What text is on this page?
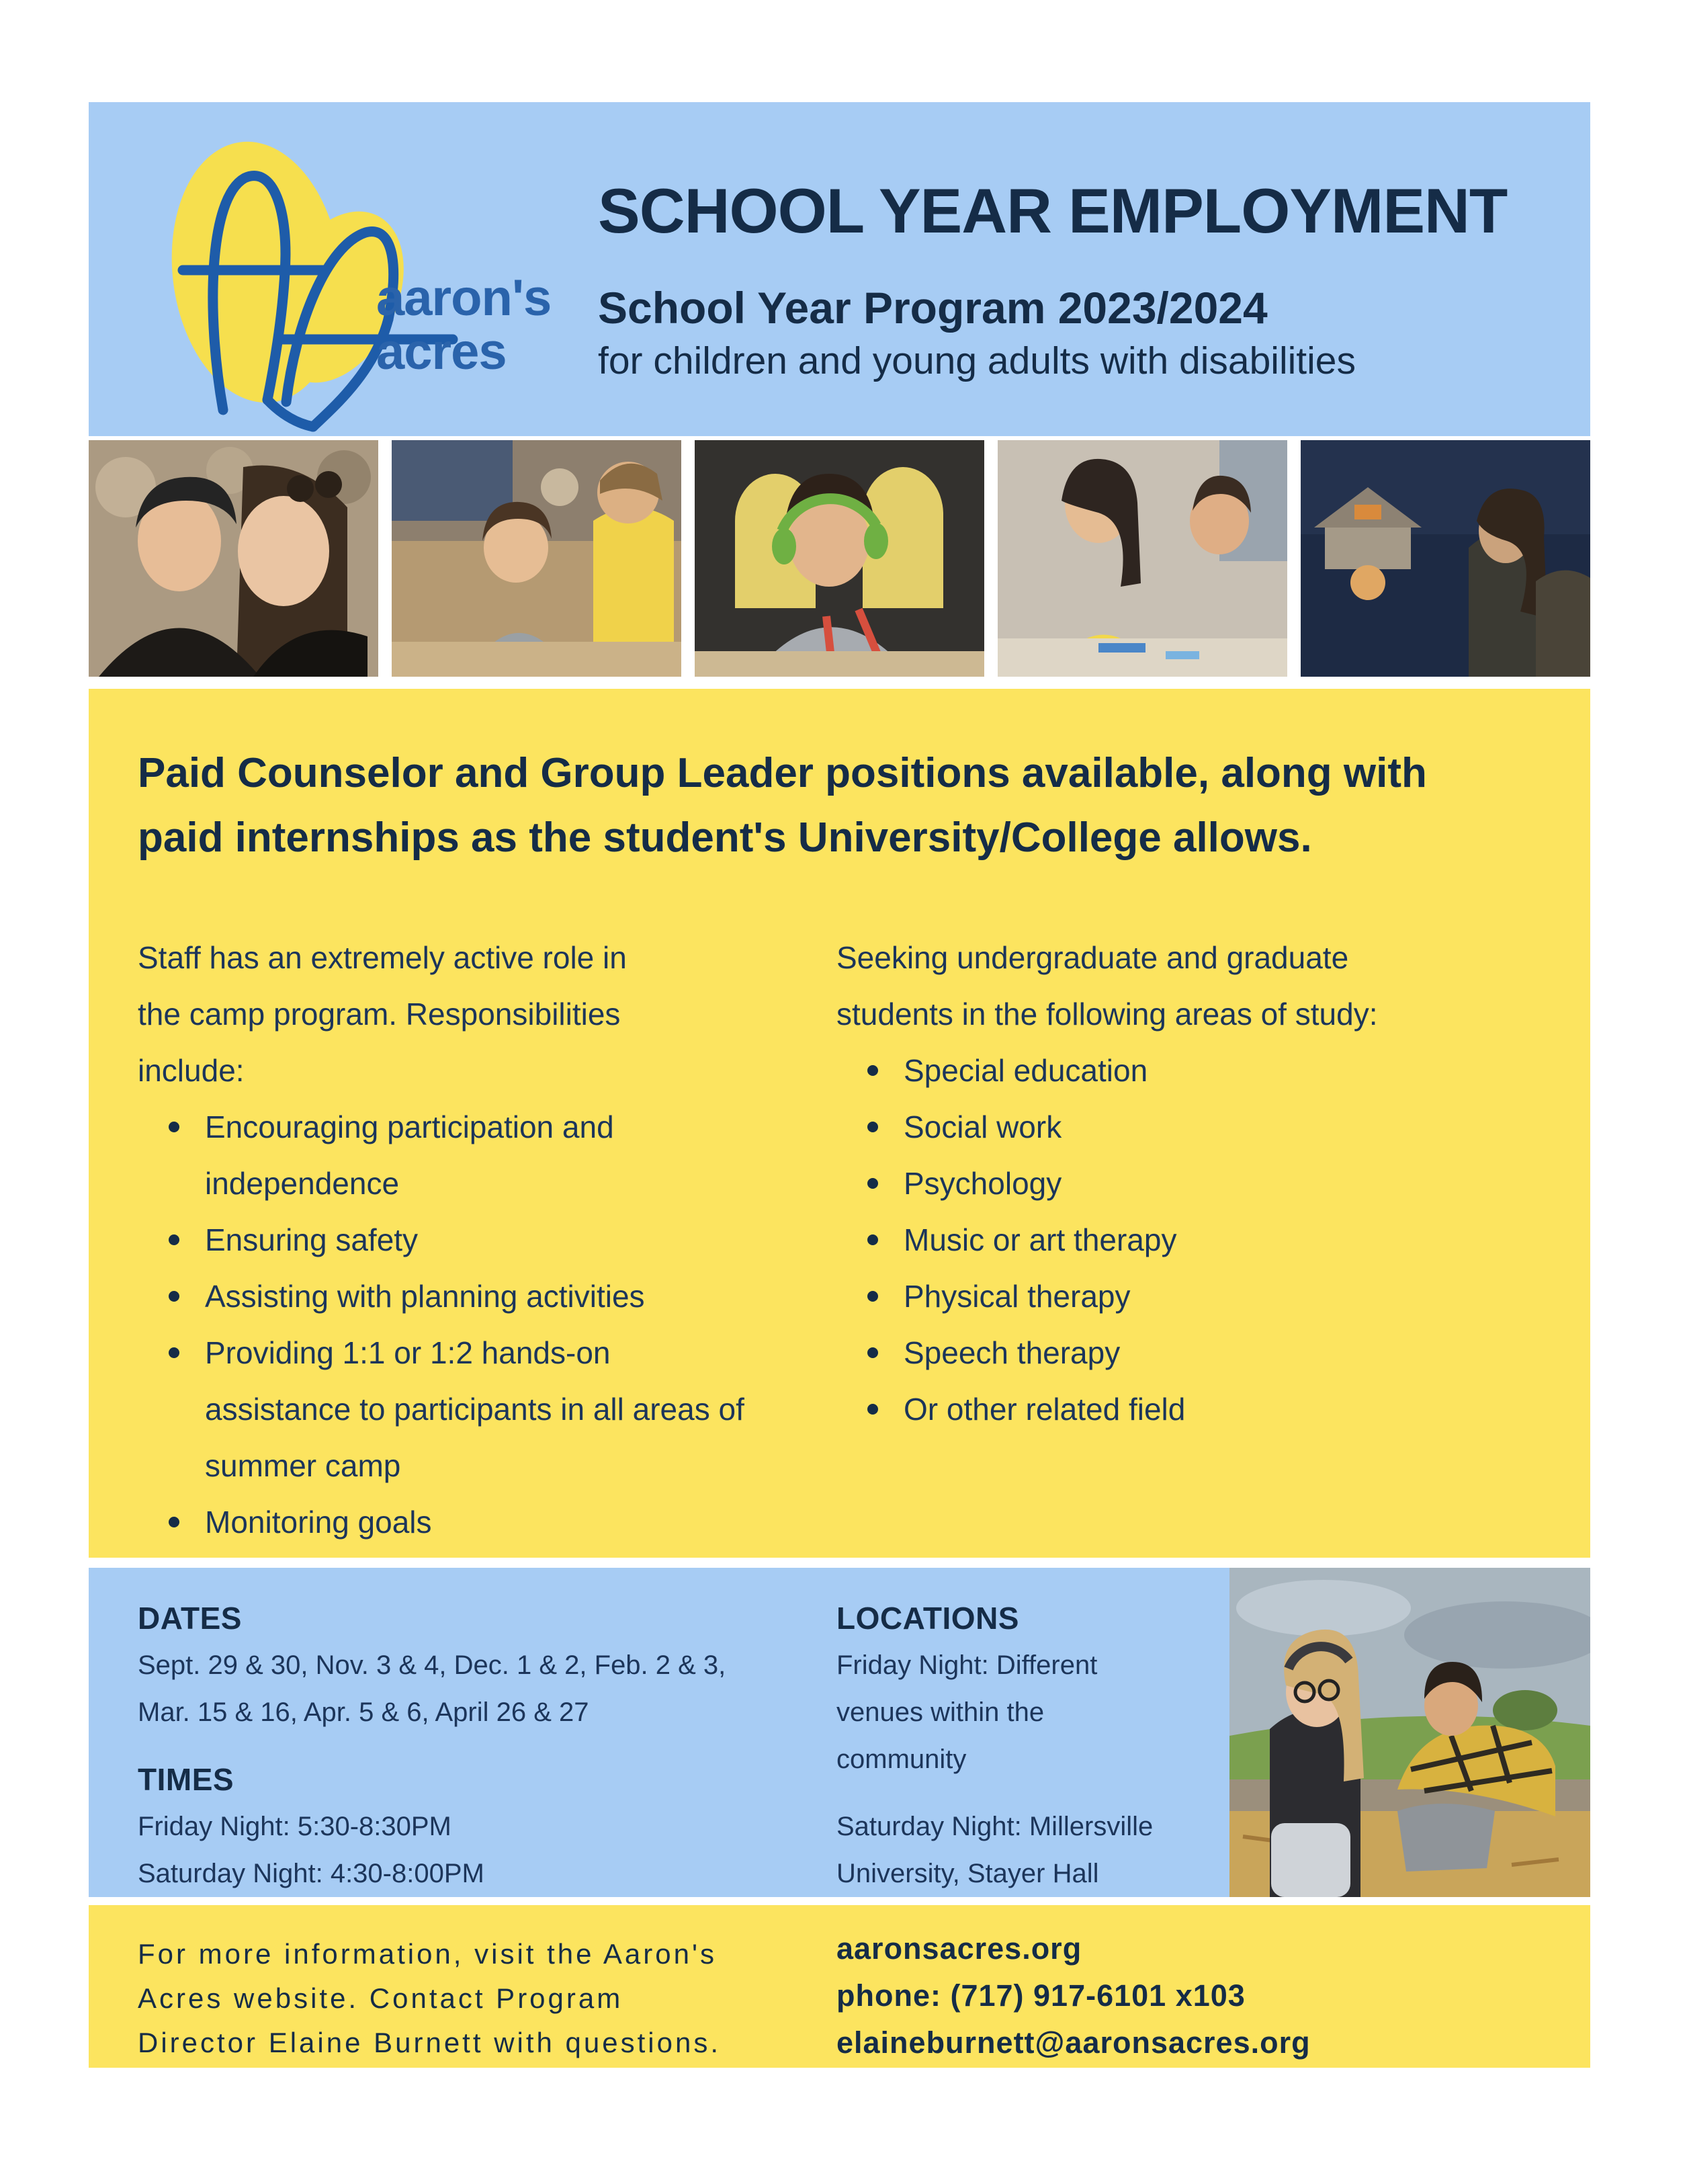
aaron's
acres
SCHOOL YEAR EMPLOYMENT
School Year Program 2023/2024
for children and young adults with disabilities
Paid Counselor and Group Leader positions available, along with
paid internships as the student's University/College allows.
Staff has an extremely active role in
the camp program. Responsibilities
include:
Encouraging participation and independence
Ensuring safety
Assisting with planning activities
Providing 1:1 or 1:2 hands-on assistance to participants in all areas of summer camp
Monitoring goals
Seeking undergraduate and graduate
students in the following areas of study:
Special education
Social work
Psychology
Music or art therapy
Physical therapy
Speech therapy
Or other related field
DATES
Sept. 29 & 30, Nov. 3 & 4, Dec. 1 & 2, Feb. 2 & 3,
Mar. 15 & 16, Apr. 5 & 6, April 26 & 27
TIMES
Friday Night: 5:30-8:30PM
Saturday Night: 4:30-8:00PM
LOCATIONS
Friday Night: Different
venues within the
community
Saturday Night: Millersville
University, Stayer Hall
For more information, visit the Aaron's
Acres website. Contact Program
Director Elaine Burnett with questions.
aaronsacres.org
phone: (717) 917-6101 x103
elaineburnett@aaronsacres.org
